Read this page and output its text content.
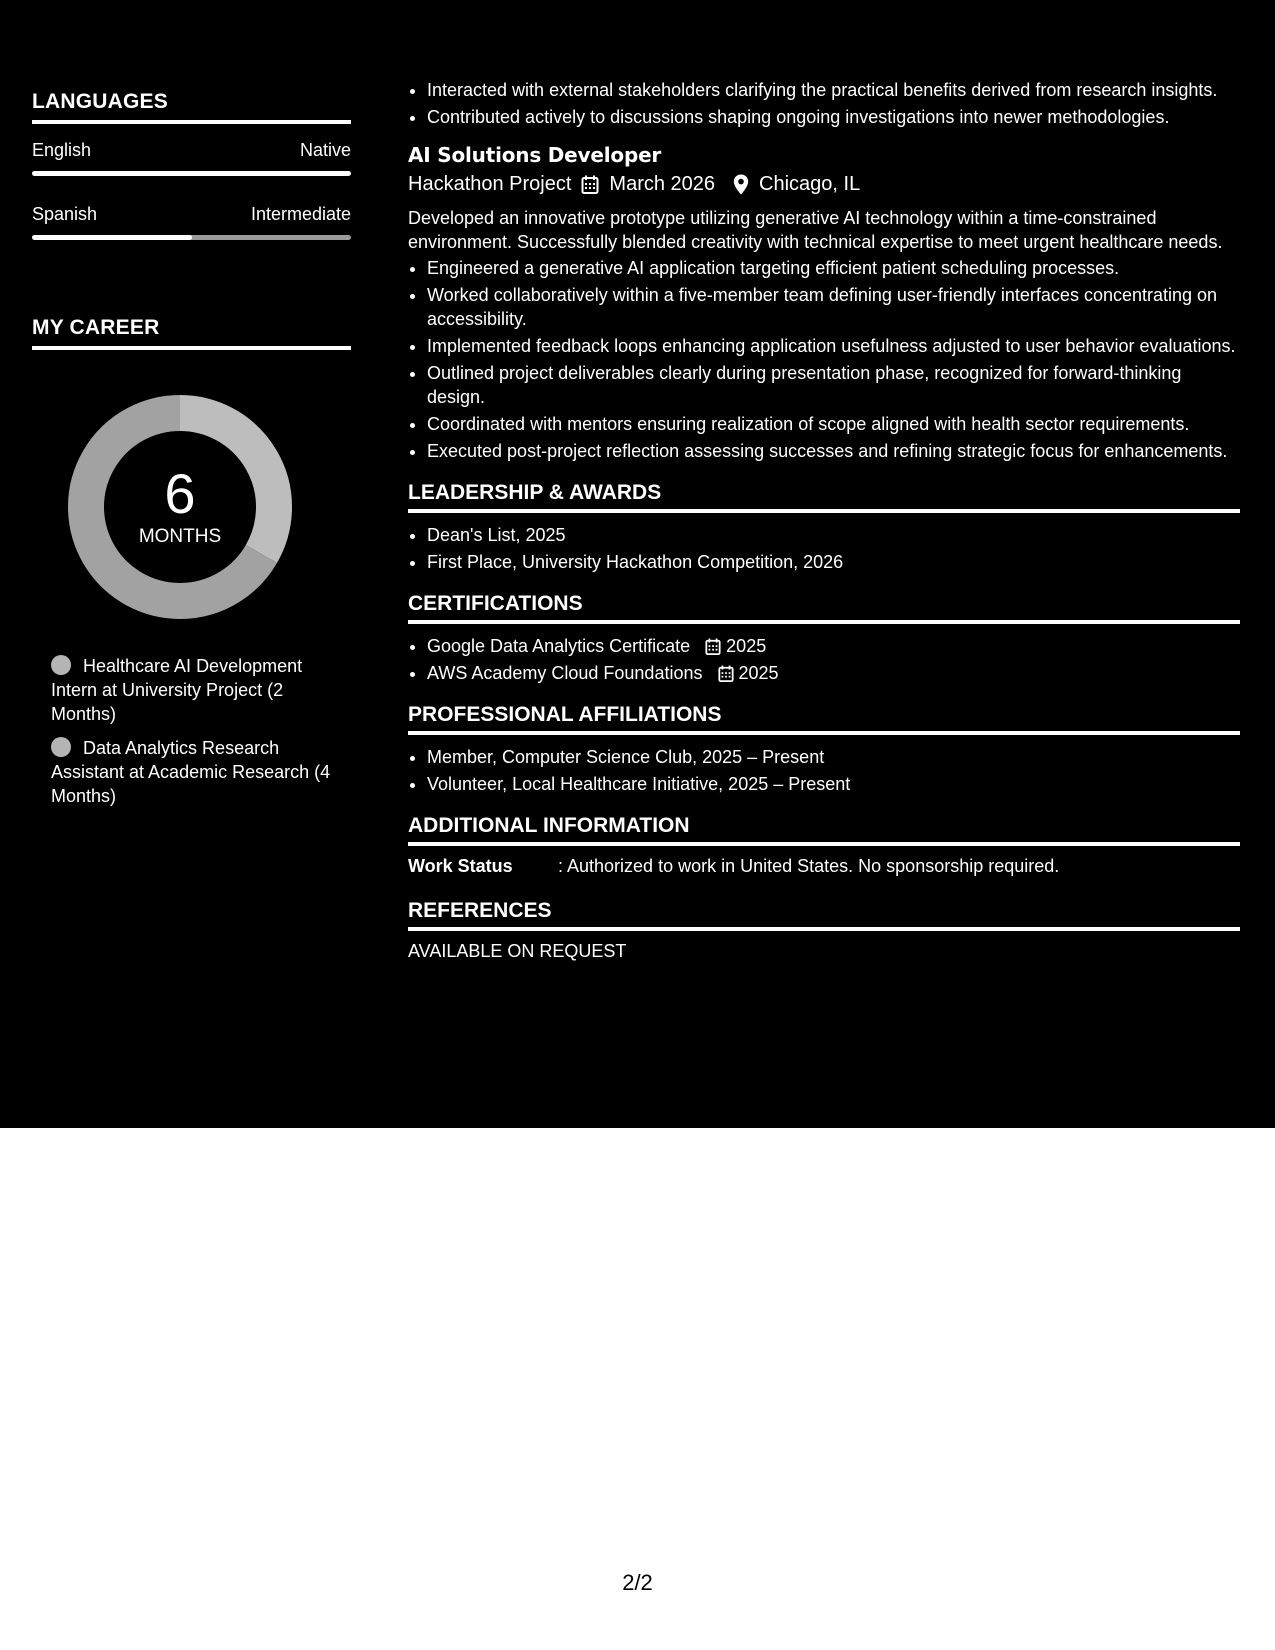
LANGUAGES
English	Native
Spanish	Intermediate
MY CAREER
6
MONTHS
Healthcare AI Development Intern at University Project (2 Months)
Data Analytics Research Assistant at Academic Research (4 Months)
• Interacted with external stakeholders clarifying the practical benefits derived from research insights.
• Contributed actively to discussions shaping ongoing investigations into newer methodologies.
AI Solutions Developer
Hackathon Project March 2026 Chicago, IL

Developed an innovative prototype utilizing generative AI technology within a time-constrained environment. Successfully blended creativity with technical expertise to meet urgent healthcare needs.

• Engineered a generative AI application targeting efficient patient scheduling processes.
• Worked collaboratively within a five-member team defining user-friendly interfaces concentrating on accessibility.
• Implemented feedback loops enhancing application usefulness adjusted to user behavior evaluations.
• Outlined project deliverables clearly during presentation phase, recognized for forward-thinking design.
• Coordinated with mentors ensuring realization of scope aligned with health sector requirements.
• Executed post-project reflection assessing successes and refining strategic focus for enhancements.
LEADERSHIP & AWARDS
• Dean's List, 2025
• First Place, University Hackathon Competition, 2026
CERTIFICATIONS
• Google Data Analytics Certificate 2025
• AWS Academy Cloud Foundations 2025
PROFESSIONAL AFFILIATIONS
• Member, Computer Science Club, 2025 – Present
• Volunteer, Local Healthcare Initiative, 2025 – Present
ADDITIONAL INFORMATION
Work Status	: Authorized to work in United States. No sponsorship required.
REFERENCES
AVAILABLE ON REQUEST
2/2
